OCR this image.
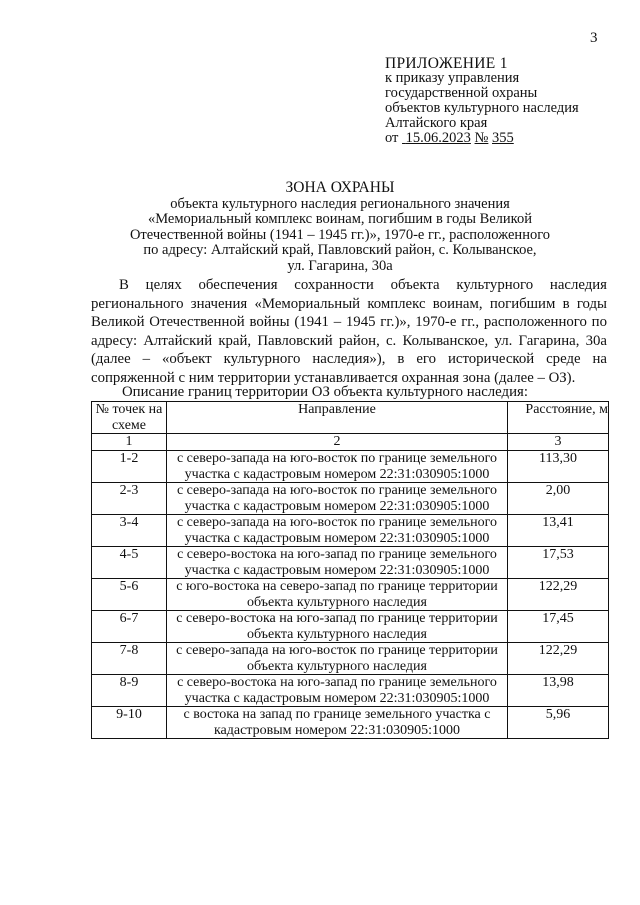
3
ПРИЛОЖЕНИЕ 1
к приказу управления
государственной охраны
объектов культурного наследия
Алтайского края
от 15.06.2023 № 355
ЗОНА ОХРАНЫ
объекта культурного наследия регионального значения
«Мемориальный комплекс воинам, погибшим в годы Великой
Отечественной войны (1941 – 1945 гг.)», 1970-е гг., расположенного
по адресу: Алтайский край, Павловский район, с. Колыванское,
ул. Гагарина, 30а

В целях обеспечения сохранности объекта культурного наследия регионального значения «Мемориальный комплекс воинам, погибшим в годы Великой Отечественной войны (1941 – 1945 гг.)», 1970-е гг., расположенного по адресу: Алтайский край, Павловский район, с. Колыванское, ул. Гагарина, 30а (далее – «объект культурного наследия»), в его исторической среде на сопряженной с ним территории устанавливается охранная зона (далее – ОЗ).

Описание границ территории ОЗ объекта культурного наследия:
№ точек на схеме	Направление	Расстояние, м
1	2	3
1-2	с северо-запада на юго-восток по границе земельного участка с кадастровым номером 22:31:030905:1000	113,30
2-3	с северо-запада на юго-восток по границе земельного участка с кадастровым номером 22:31:030905:1000	2,00
3-4	с северо-запада на юго-восток по границе земельного участка с кадастровым номером 22:31:030905:1000	13,41
4-5	с северо-востока на юго-запад по границе земельного участка с кадастровым номером 22:31:030905:1000	17,53
5-6	с юго-востока на северо-запад по границе территории объекта культурного наследия	122,29
6-7	с северо-востока на юго-запад по границе территории объекта культурного наследия	17,45
7-8	с северо-запада на юго-восток по границе территории объекта культурного наследия	122,29
8-9	с северо-востока на юго-запад по границе земельного участка с кадастровым номером 22:31:030905:1000	13,98
9-10	с востока на запад по границе земельного участка с кадастровым номером 22:31:030905:1000	5,96
